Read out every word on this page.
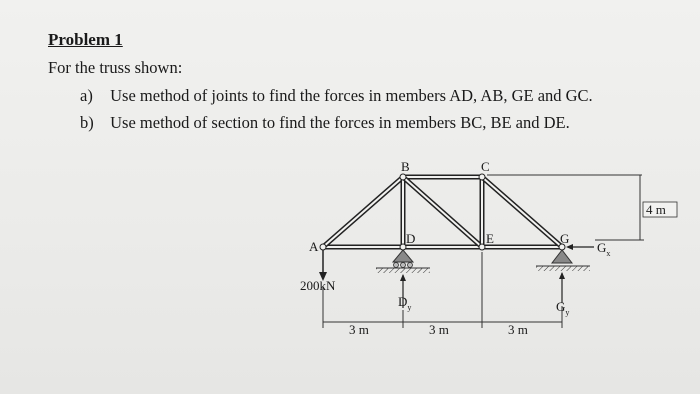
Problem 1
For the truss shown:
a) Use method of joints to find the forces in members AD, AB, GE and GC.
b) Use method of section to find the forces in members BC, BE and DE.
B	C
A
D	E	G
200kN
$G_x$
$D_y$	$G_y$
3 m	3 m	3 m
4 m
